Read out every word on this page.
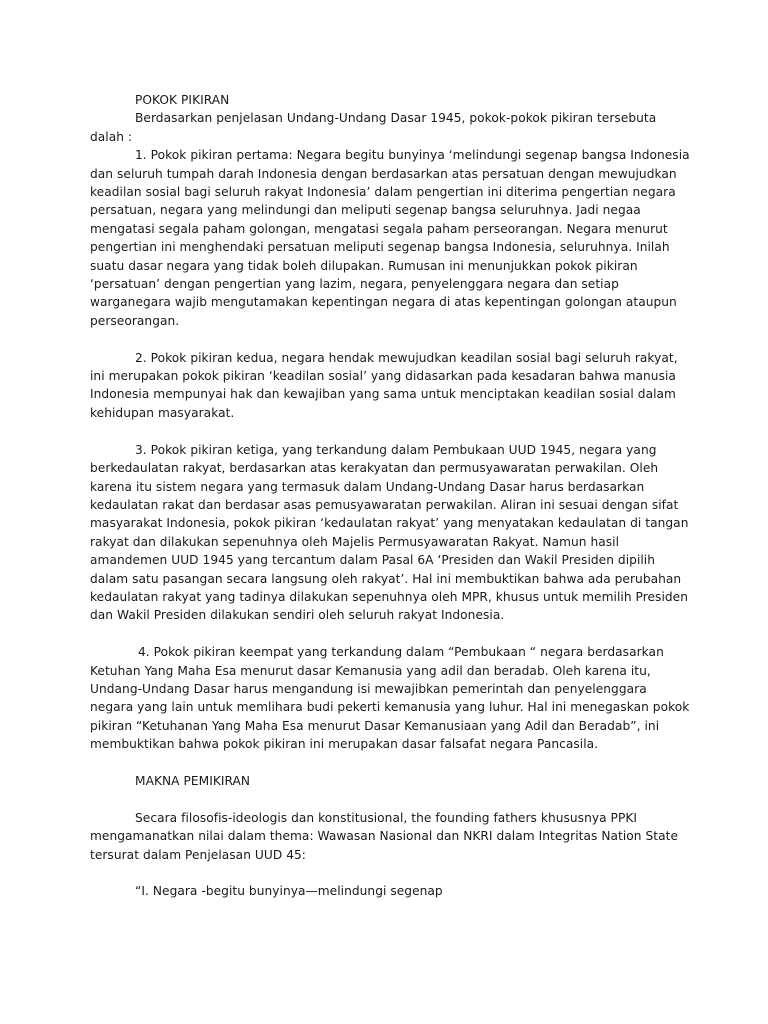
POKOK PIKIRAN

Berdasarkan penjelasan Undang-Undang Dasar 1945, pokok-pokok pikiran tersebuta dalah :

1. Pokok pikiran pertama: Negara begitu bunyinya ‘melindungi segenap bangsa Indonesia dan seluruh tumpah darah Indonesia dengan berdasarkan atas persatuan dengan mewujudkan keadilan sosial bagi seluruh rakyat Indonesia’ dalam pengertian ini diterima pengertian negara persatuan, negara yang melindungi dan meliputi segenap bangsa seluruhnya. Jadi negaa mengatasi segala paham golongan, mengatasi segala paham perseorangan. Negara menurut pengertian ini menghendaki persatuan meliputi segenap bangsa Indonesia, seluruhnya. Inilah suatu dasar negara yang tidak boleh dilupakan. Rumusan ini menunjukkan pokok pikiran ‘persatuan’ dengan pengertian yang lazim, negara, penyelenggara negara dan setiap warganegara wajib mengutamakan kepentingan negara di atas kepentingan golongan ataupun perseorangan.

2. Pokok pikiran kedua, negara hendak mewujudkan keadilan sosial bagi seluruh rakyat, ini merupakan pokok pikiran ‘keadilan sosial’ yang didasarkan pada kesadaran bahwa manusia Indonesia mempunyai hak dan kewajiban yang sama untuk menciptakan keadilan sosial dalam kehidupan masyarakat.

3. Pokok pikiran ketiga, yang terkandung dalam Pembukaan UUD 1945, negara yang berkedaulatan rakyat, berdasarkan atas kerakyatan dan permusyawaratan perwakilan. Oleh karena itu sistem negara yang termasuk dalam Undang-Undang Dasar harus berdasarkan kedaulatan rakat dan berdasar asas pemusyawaratan perwakilan. Aliran ini sesuai dengan sifat masyarakat Indonesia, pokok pikiran ‘kedaulatan rakyat’ yang menyatakan kedaulatan di tangan rakyat dan dilakukan sepenuhnya oleh Majelis Permusyawaratan Rakyat. Namun hasil amandemen UUD 1945 yang tercantum dalam Pasal 6A ‘Presiden dan Wakil Presiden dipilih dalam satu pasangan secara langsung oleh rakyat’. Hal ini membuktikan bahwa ada perubahan kedaulatan rakyat yang tadinya dilakukan sepenuhnya oleh MPR, khusus untuk memilih Presiden dan Wakil Presiden dilakukan sendiri oleh seluruh rakyat Indonesia.

4. Pokok pikiran keempat yang terkandung dalam “Pembukaan “ negara berdasarkan Ketuhan Yang Maha Esa menurut dasar Kemanusia yang adil dan beradab. Oleh karena itu, Undang-Undang Dasar harus mengandung isi mewajibkan pemerintah dan penyelenggara negara yang lain untuk memlihara budi pekerti kemanusia yang luhur. Hal ini menegaskan pokok pikiran “Ketuhanan Yang Maha Esa menurut Dasar Kemanusiaan yang Adil dan Beradab”, ini membuktikan bahwa pokok pikiran ini merupakan dasar falsafat negara Pancasila.

MAKNA PEMIKIRAN

Secara filosofis-ideologis dan konstitusional, the founding fathers khususnya PPKI mengamanatkan nilai dalam thema: Wawasan Nasional dan NKRI dalam Integritas Nation State tersurat dalam Penjelasan UUD 45:

“I. Negara -begitu bunyinya—melindungi segenap
